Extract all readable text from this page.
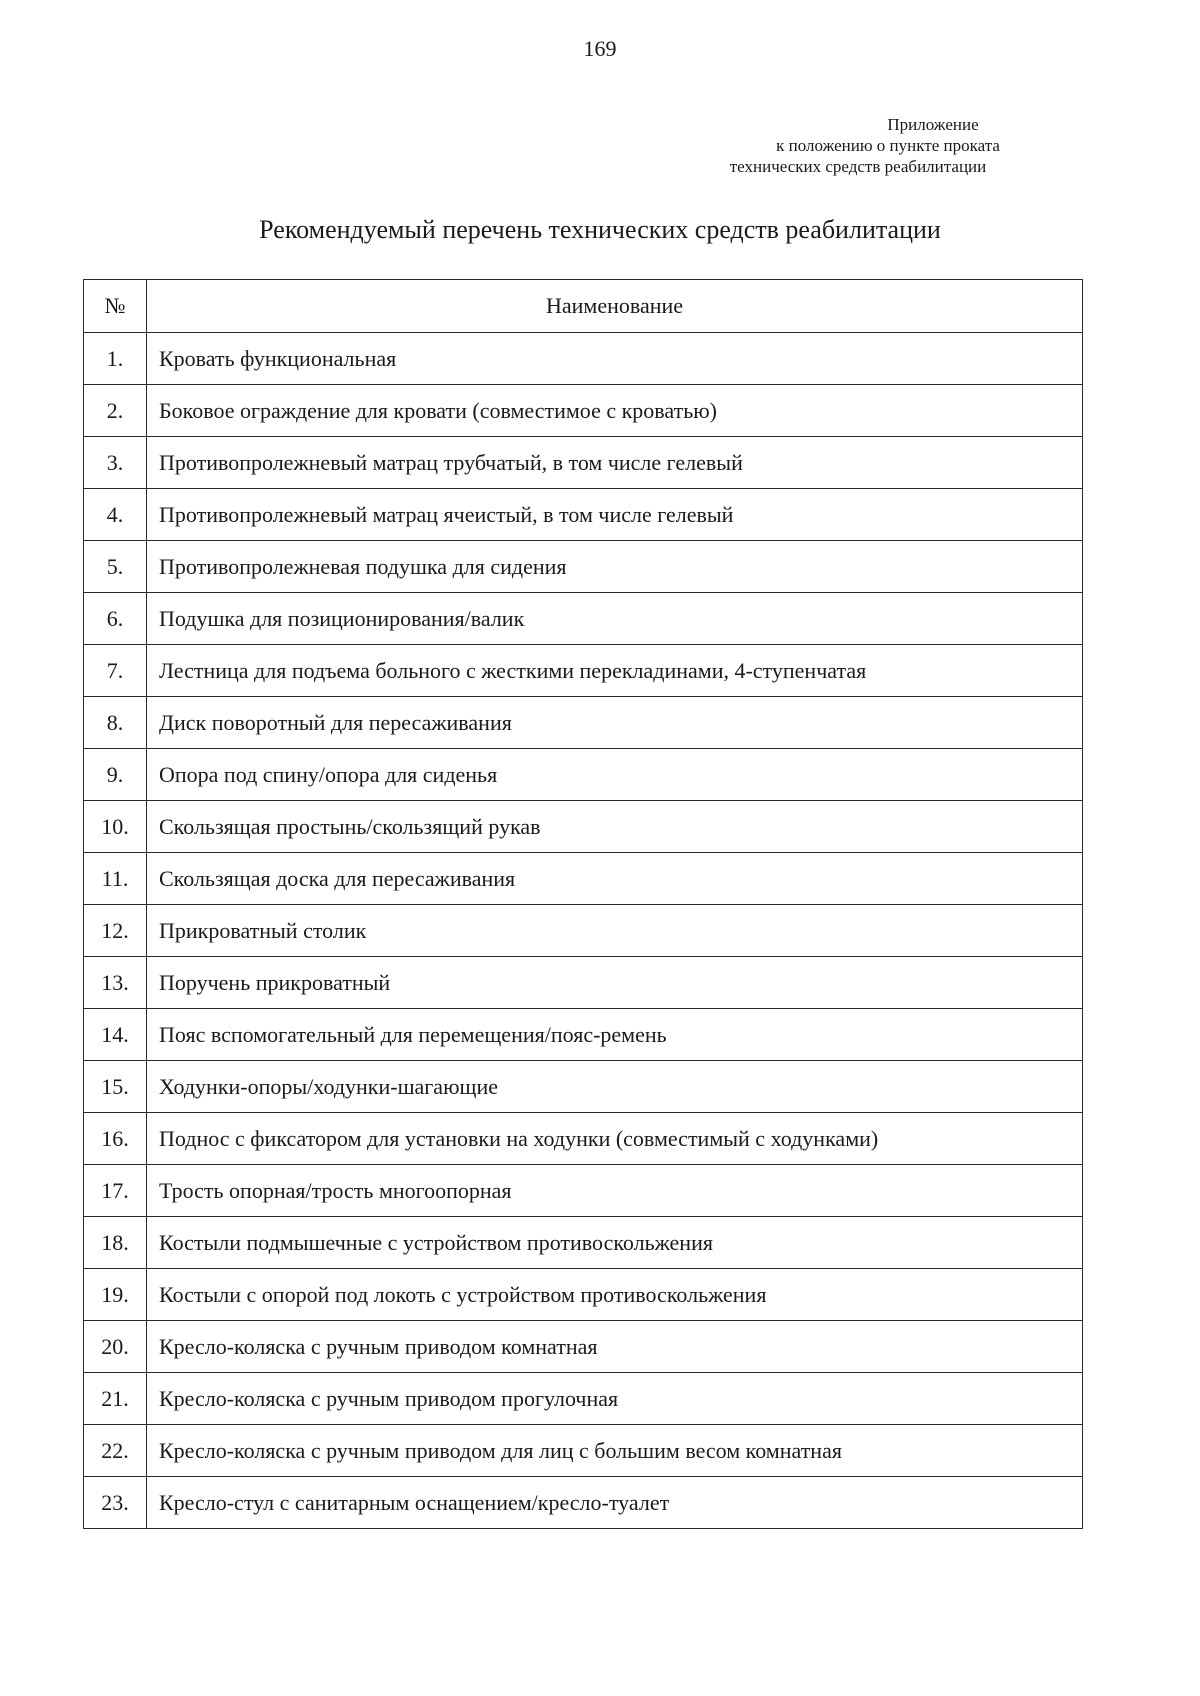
169
Приложение
к положению о пункте проката
технических средств реабилитации
Рекомендуемый перечень технических средств реабилитации
№	Наименование
1.	Кровать функциональная
2.	Боковое ограждение для кровати (совместимое с кроватью)
3.	Противопролежневый матрац трубчатый, в том числе гелевый
4.	Противопролежневый матрац ячеистый, в том числе гелевый
5.	Противопролежневая подушка для сидения
6.	Подушка для позиционирования/валик
7.	Лестница для подъема больного с жесткими перекладинами, 4-ступенчатая
8.	Диск поворотный для пересаживания
9.	Опора под спину/опора для сиденья
10.	Скользящая простынь/скользящий рукав
11.	Скользящая доска для пересаживания
12.	Прикроватный столик
13.	Поручень прикроватный
14.	Пояс вспомогательный для перемещения/пояс-ремень
15.	Ходунки-опоры/ходунки-шагающие
16.	Поднос с фиксатором для установки на ходунки (совместимый с ходунками)
17.	Трость опорная/трость многоопорная
18.	Костыли подмышечные с устройством противоскольжения
19.	Костыли с опорой под локоть с устройством противоскольжения
20.	Кресло-коляска с ручным приводом комнатная
21.	Кресло-коляска с ручным приводом прогулочная
22.	Кресло-коляска с ручным приводом для лиц с большим весом комнатная
23.	Кресло-стул с санитарным оснащением/кресло-туалет
